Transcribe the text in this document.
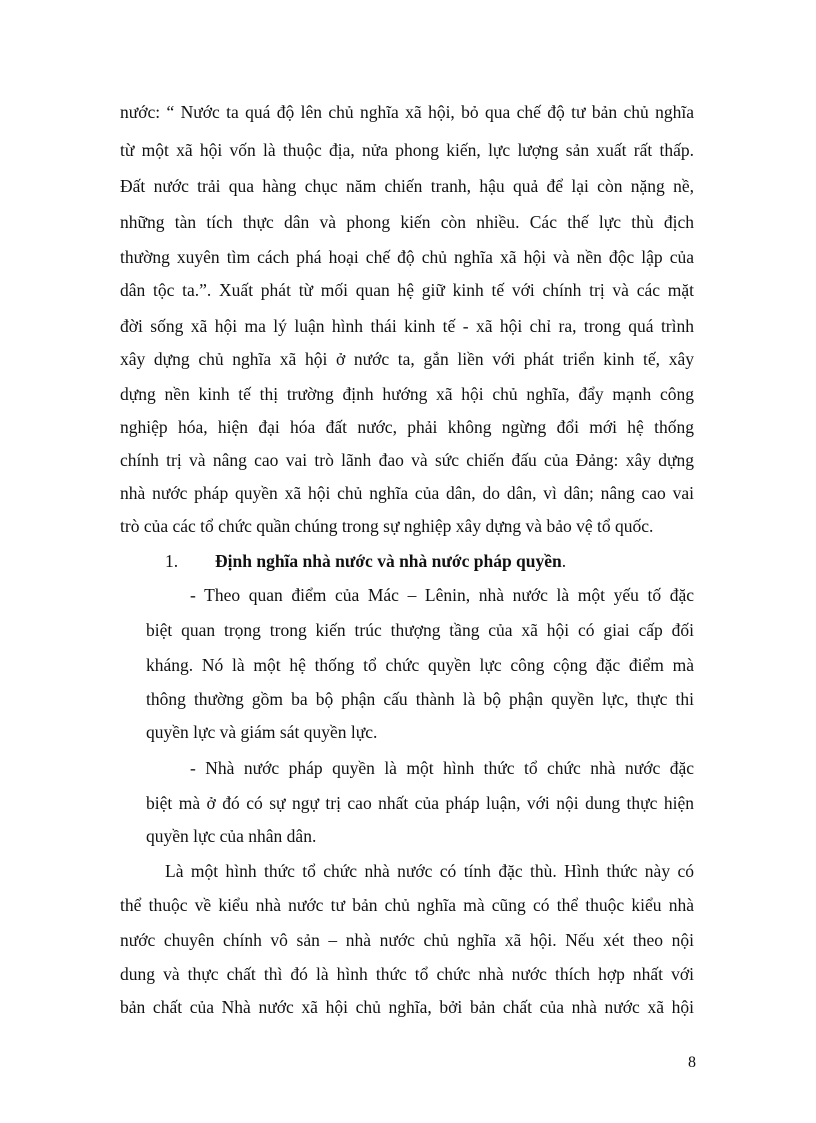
nước: “ Nước ta quá độ lên chủ nghĩa xã hội, bỏ qua chế độ tư bản chủ nghĩa

từ một xã hội vốn là thuộc địa, nửa phong kiến, lực lượng sản xuất rất thấp.

Đất nước trải qua hàng chục năm chiến tranh, hậu quả để lại còn nặng nề,

những tàn tích thực dân và phong kiến còn nhiều. Các thế lực thù địch

thường xuyên tìm cách phá hoại chế độ chủ nghĩa xã hội và nền độc lập của

dân tộc ta.”. Xuất phát từ mối quan hệ giữ kinh tế với chính trị và các mặt

đời sống xã hội ma lý luận hình thái kinh tế - xã hội chỉ ra, trong quá trình

xây dựng chủ nghĩa xã hội ở nước ta, gắn liền với phát triển kinh tế, xây

dựng nền kinh tế thị trường định hướng xã hội chủ nghĩa, đẩy mạnh công

nghiệp hóa, hiện đại hóa đất nước, phải không ngừng đổi mới hệ thống

chính trị và nâng cao vai trò lãnh đao và sức chiến đấu của Đảng: xây dựng

nhà nước pháp quyền xã hội chủ nghĩa của dân, do dân, vì dân; nâng cao vai

trò của các tổ chức quần chúng trong sự nghiệp xây dựng và bảo vệ tổ quốc.

1. Định nghĩa nhà nước và nhà nước pháp quyền.

- Theo quan điểm của Mác – Lênin, nhà nước là một yếu tố đặc

biệt quan trọng trong kiến trúc thượng tầng của xã hội có giai cấp đối

kháng. Nó là một hệ thống tổ chức quyền lực công cộng đặc điểm mà

thông thường gồm ba bộ phận cấu thành là bộ phận quyền lực, thực thi

quyền lực và giám sát quyền lực.

- Nhà nước pháp quyền là một hình thức tổ chức nhà nước đặc

biệt mà ở đó có sự ngự trị cao nhất của pháp luận, với nội dung thực hiện

quyền lực của nhân dân.

Là một hình thức tổ chức nhà nước có tính đặc thù. Hình thức này có

thể thuộc về kiểu nhà nước tư bản chủ nghĩa mà cũng có thể thuộc kiểu nhà

nước chuyên chính vô sản – nhà nước chủ nghĩa xã hội. Nếu xét theo nội

dung và thực chất thì đó là hình thức tổ chức nhà nước thích hợp nhất với

bản chất của Nhà nước xã hội chủ nghĩa, bởi bản chất của nhà nước xã hội

8
